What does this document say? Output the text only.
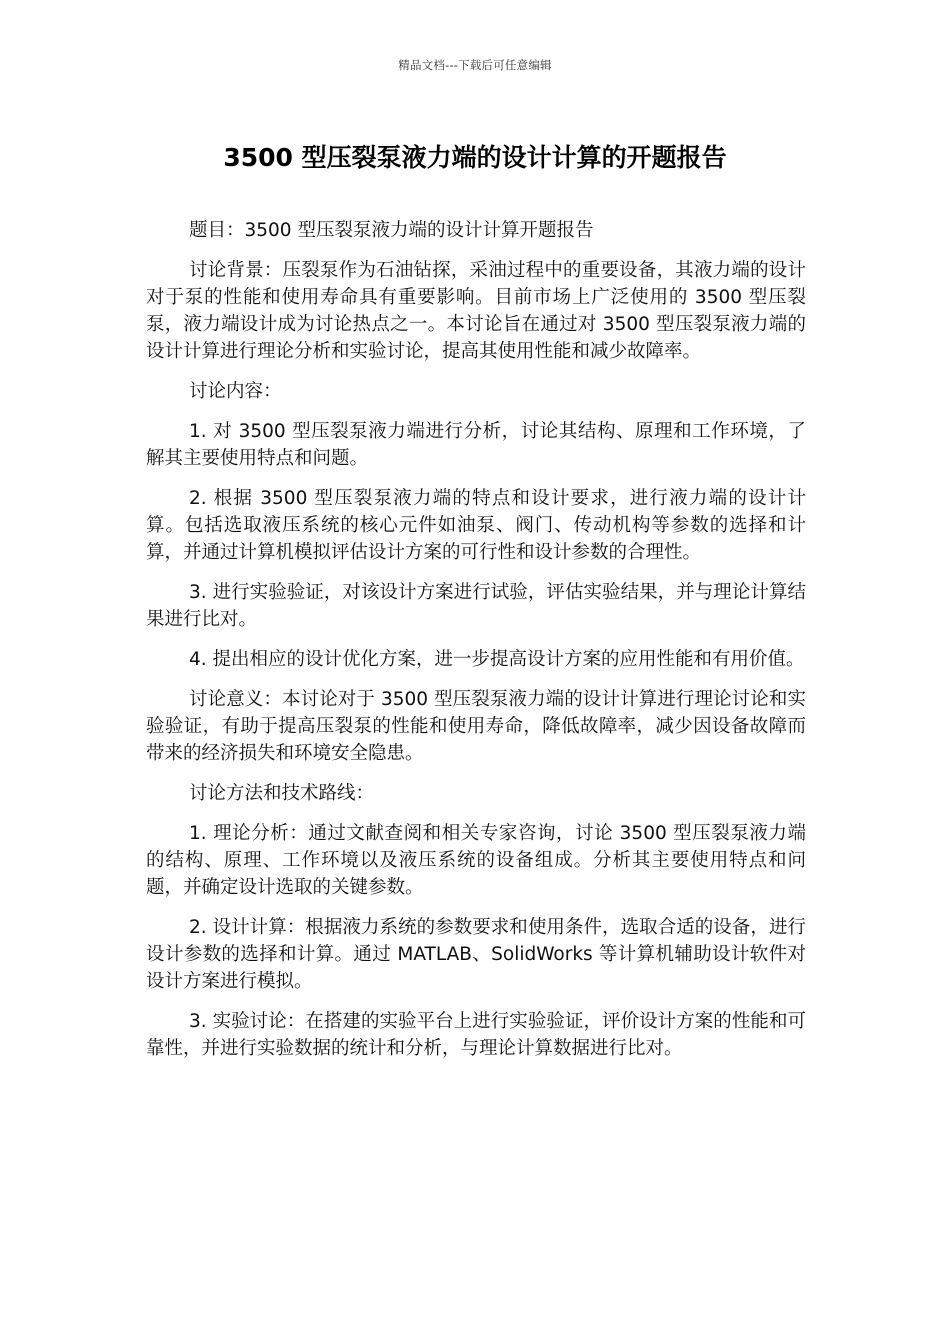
精品文档---下载后可任意编辑
3500 型压裂泵液力端的设计计算的开题报告

题目：3500 型压裂泵液力端的设计计算开题报告

讨论背景：压裂泵作为石油钻探，采油过程中的重要设备，其液力端的设计对于泵的性能和使用寿命具有重要影响。目前市场上广泛使用的 3500 型压裂泵，液力端设计成为讨论热点之一。本讨论旨在通过对 3500 型压裂泵液力端的设计计算进行理论分析和实验讨论，提高其使用性能和减少故障率。

讨论内容：

1. 对 3500 型压裂泵液力端进行分析，讨论其结构、原理和工作环境，了解其主要使用特点和问题。

2. 根据 3500 型压裂泵液力端的特点和设计要求，进行液力端的设计计算。包括选取液压系统的核心元件如油泵、阀门、传动机构等参数的选择和计算，并通过计算机模拟评估设计方案的可行性和设计参数的合理性。

3. 进行实验验证，对该设计方案进行试验，评估实验结果，并与理论计算结果进行比对。

4. 提出相应的设计优化方案，进一步提高设计方案的应用性能和有用价值。

讨论意义：本讨论对于 3500 型压裂泵液力端的设计计算进行理论讨论和实验验证，有助于提高压裂泵的性能和使用寿命，降低故障率，减少因设备故障而带来的经济损失和环境安全隐患。

讨论方法和技术路线：

1. 理论分析：通过文献查阅和相关专家咨询，讨论 3500 型压裂泵液力端的结构、原理、工作环境以及液压系统的设备组成。分析其主要使用特点和问题，并确定设计选取的关键参数。

2. 设计计算：根据液力系统的参数要求和使用条件，选取合适的设备，进行设计参数的选择和计算。通过 MATLAB、SolidWorks 等计算机辅助设计软件对设计方案进行模拟。

3. 实验讨论：在搭建的实验平台上进行实验验证，评价设计方案的性能和可靠性，并进行实验数据的统计和分析，与理论计算数据进行比对。
